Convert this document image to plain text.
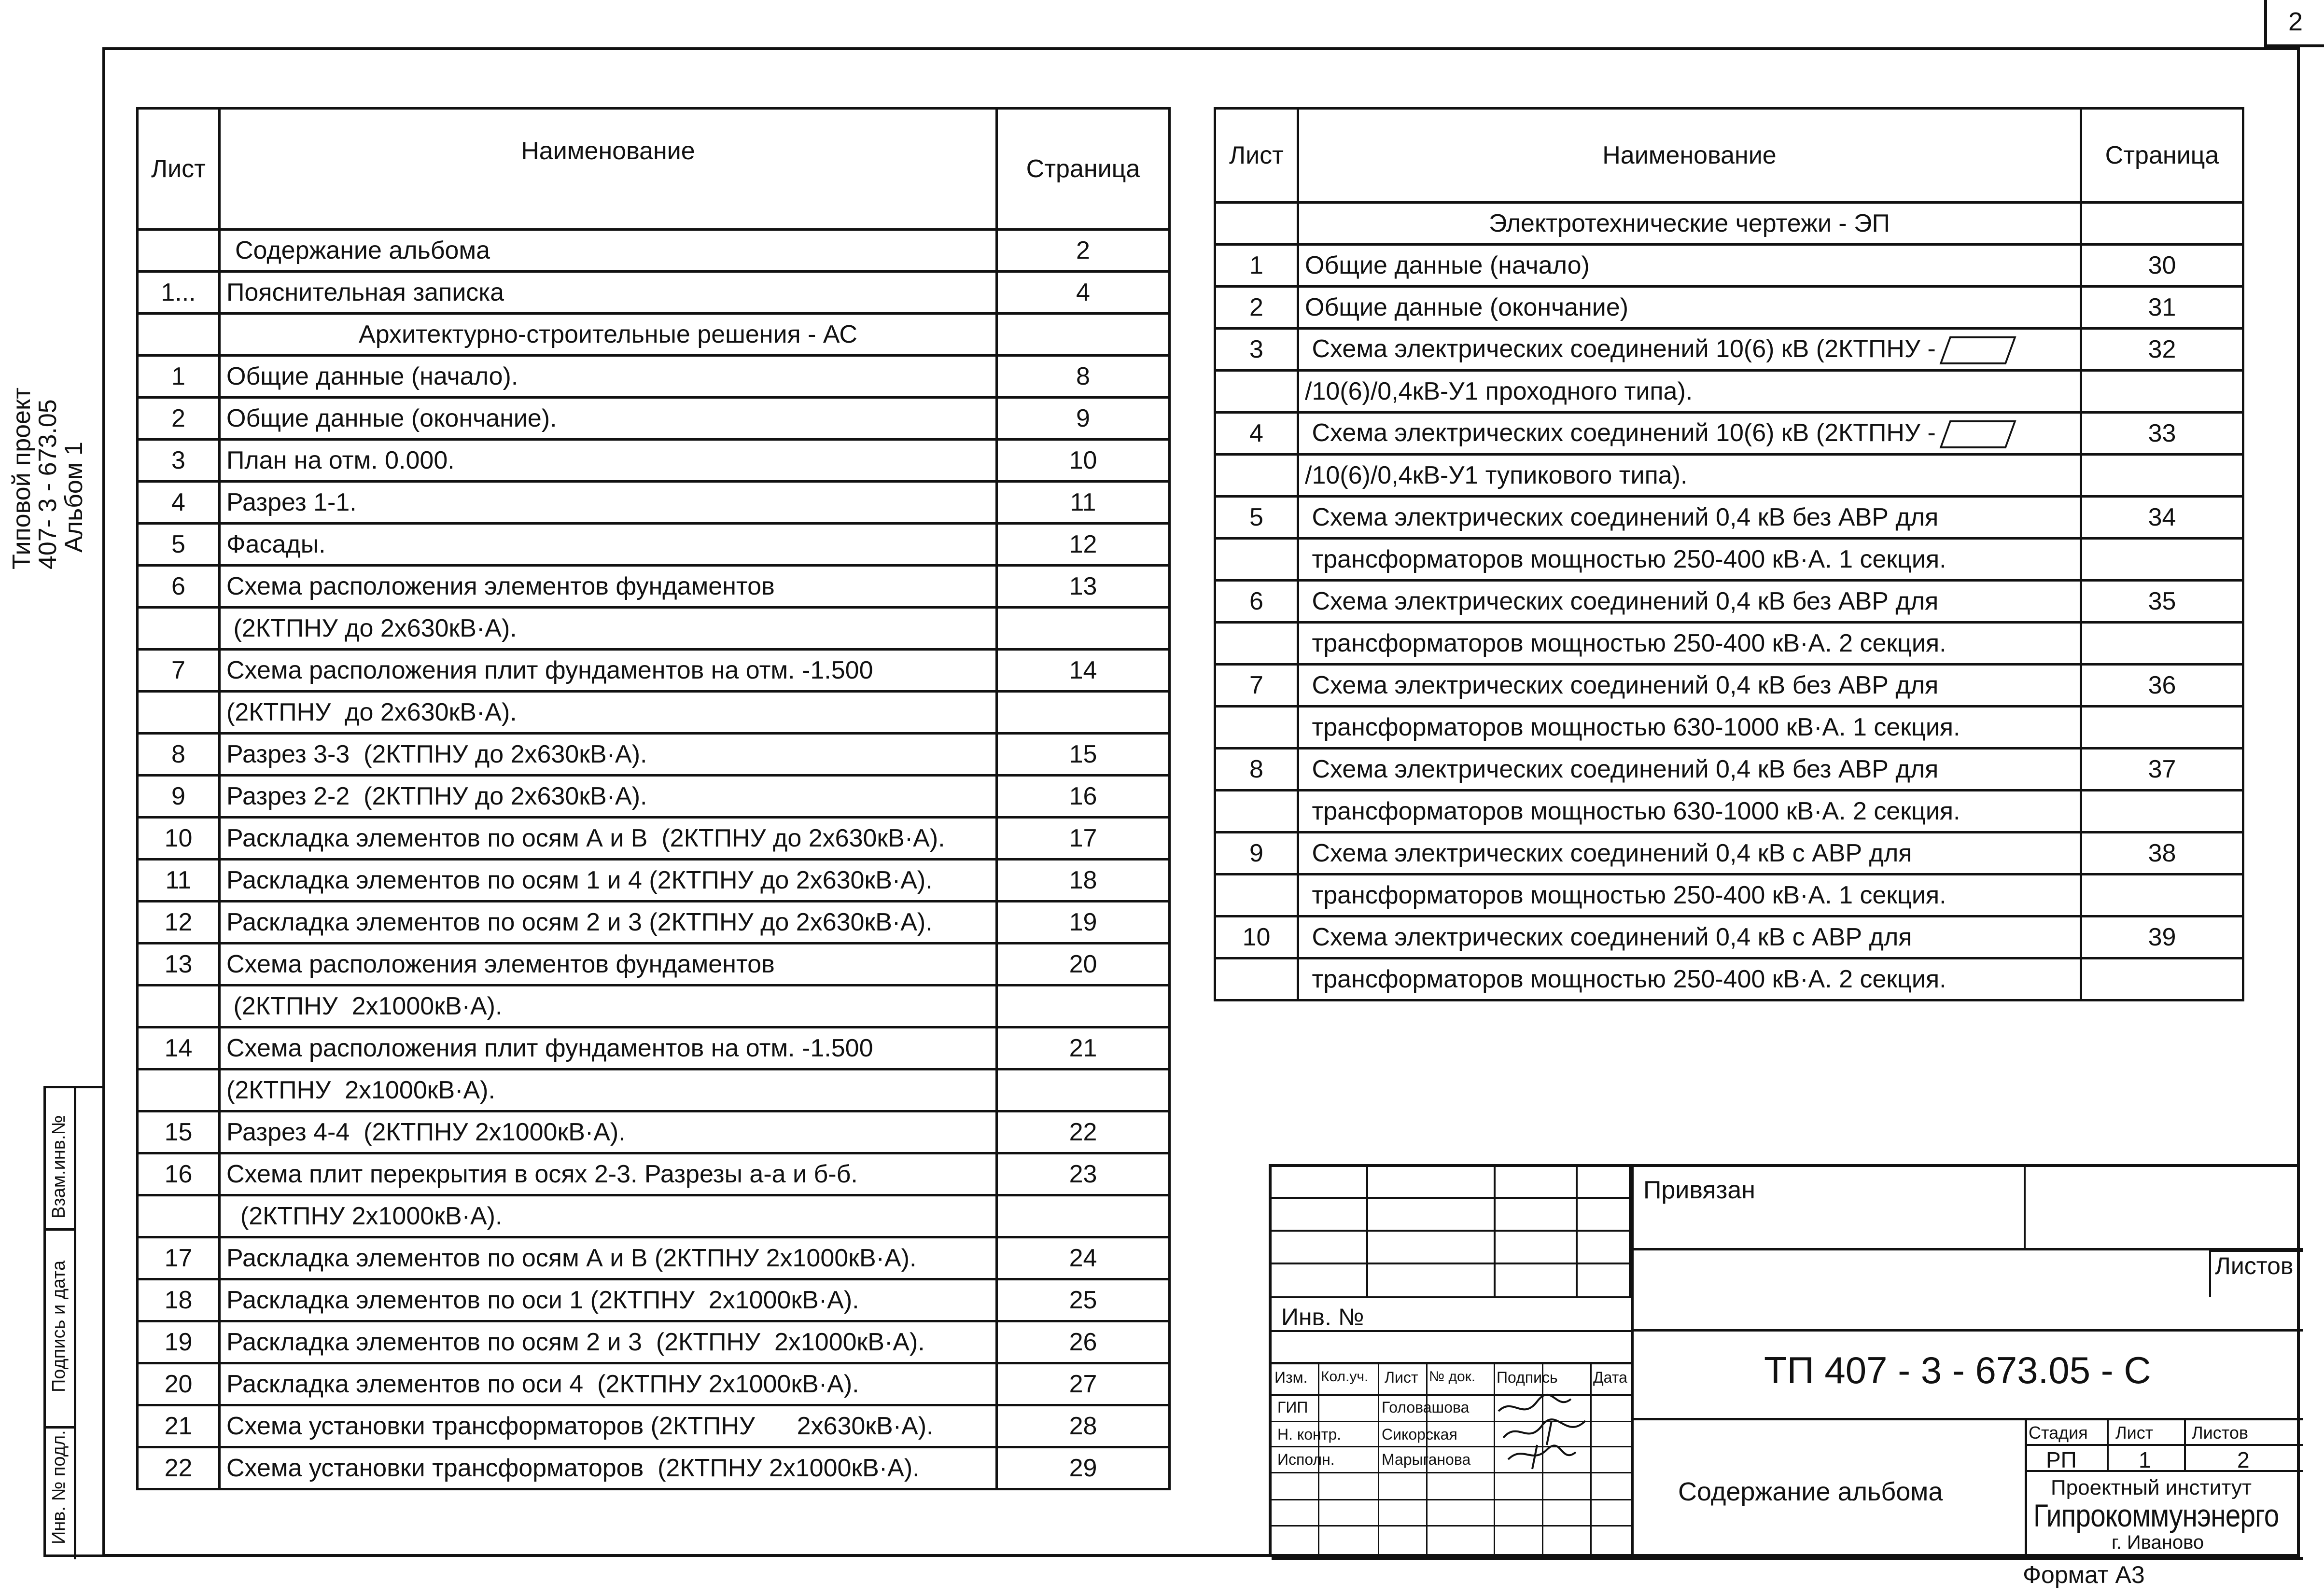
2
Типовой проект
407- 3 - 673.05
Альбом 1
Взам.инв.№
Подпись и дата
Инв. № подл.
Лист	Наименование	Страница
	Содержание альбома	2
1...	Пояснительная записка	4
	Архитектурно-строительные решения - АС	
1	Общие данные (начало).	8
2	Общие данные (окончание).	9
3	План на отм. 0.000.	10
4	Разрез 1-1.	11
5	Фасады.	12
6	Схема расположения элементов фундаментов	13
	(2КТПНУ до 2х630кВ·А).	
7	Схема расположения плит фундаментов на отм. -1.500	14
	(2КТПНУ  до 2х630кВ·А).	
8	Разрез 3-3  (2КТПНУ до 2х630кВ·А).	15
9	Разрез 2-2  (2КТПНУ до 2х630кВ·А).	16
10	Раскладка элементов по осям А и В  (2КТПНУ до 2х630кВ·А).	17
11	Раскладка элементов по осям 1 и 4 (2КТПНУ до 2х630кВ·А).	18
12	Раскладка элементов по осям 2 и 3 (2КТПНУ до 2х630кВ·А).	19
13	Схема расположения элементов фундаментов	20
	(2КТПНУ  2х1000кВ·А).	
14	Схема расположения плит фундаментов на отм. -1.500	21
	(2КТПНУ  2х1000кВ·А).	
15	Разрез 4-4  (2КТПНУ 2х1000кВ·А).	22
16	Схема плит перекрытия в осях 2-3. Разрезы а-а и б-б.	23
	(2КТПНУ 2х1000кВ·А).	
17	Раскладка элементов по осям А и В (2КТПНУ 2х1000кВ·А).	24
18	Раскладка элементов по оси 1 (2КТПНУ  2х1000кВ·А).	25
19	Раскладка элементов по осям 2 и 3  (2КТПНУ  2х1000кВ·А).	26
20	Раскладка элементов по оси 4  (2КТПНУ 2х1000кВ·А).	27
21	Схема установки трансформаторов (2КТПНУ      2х630кВ·А).	28
22	Схема установки трансформаторов  (2КТПНУ 2х1000кВ·А).	29
Лист	Наименование	Страница
	Электротехнические чертежи - ЭП	
1	Общие данные (начало)	30
2	Общие данные (окончание)	31
3	Схема электрических соединений 10(6) кВ (2КТПНУ -	32
	/10(6)/0,4кВ-У1 проходного типа).	
4	Схема электрических соединений 10(6) кВ (2КТПНУ -	33
	/10(6)/0,4кВ-У1 тупикового типа).	
5	Схема электрических соединений 0,4 кВ без АВР для	34
	трансформаторов мощностью 250-400 кВ·А. 1 секция.	
6	Схема электрических соединений 0,4 кВ без АВР для	35
	трансформаторов мощностью 250-400 кВ·А. 2 секция.	
7	Схема электрических соединений 0,4 кВ без АВР для	36
	трансформаторов мощностью 630-1000 кВ·А. 1 секция.	
8	Схема электрических соединений 0,4 кВ без АВР для	37
	трансформаторов мощностью 630-1000 кВ·А. 2 секция.	
9	Схема электрических соединений 0,4 кВ с АВР для	38
	трансформаторов мощностью 250-400 кВ·А. 1 секция.	
10	Схема электрических соединений 0,4 кВ с АВР для	39
	трансформаторов мощностью 250-400 кВ·А. 2 секция.	
Привязан
Листов
Инв. №
Изм. Кол.уч. Лист № док. Подпись Дата
ГИП	Головашова
Н. контр.	Сикорская
Исполн.	Марыганова
ТП 407 - 3 - 673.05 - С
Содержание альбома
Стадия Лист Листов
РП	1	2
Проектный институт
Гипрокоммунэнерго
г. Иваново
Формат А3
